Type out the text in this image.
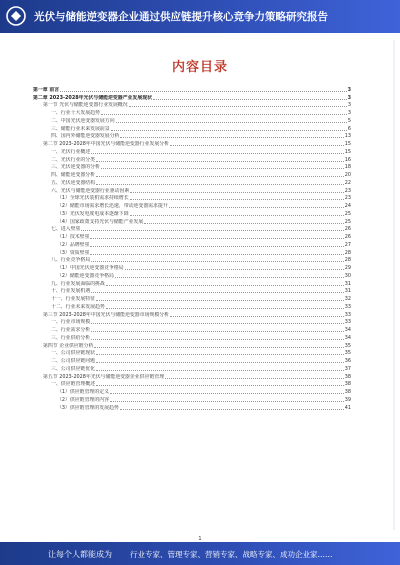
光伏与储能逆变器企业通过供应链提升核心竞争力策略研究报告
内容目录
第一章 前言	3
第二章 2023-2028年光伏与储能逆变器产业发展现状	3
第一节 光伏与储能逆变器行业发展概况	3
一、行业十大发展趋势	3
二、中国光伏逆变器发展方向	5
三、储能行业未来发展前景	6
四、国内外储能逆变器发展分析	13
第二节 2023-2028年中国光伏与储能逆变器行业发展分析	15
一、光伏行业概述	15
二、光伏行业的分类	16
三、光伏逆变器的分析	18
四、储能逆变器分析	20
五、光伏逆变器结构	22
六、光伏与储能逆变器行业驱动因素	23
（1）全球光伏装机需求持续增长	23
（2）储能市场需求增长迅速，带动逆变器需求提升	24
（3）光伏发电度电成本逐渐下降	25
（4）国家政策支持光伏与储能产业发展	25
七、进入壁垒	26
（1）技术壁垒	26
（2）品牌壁垒	27
（3）资质壁垒	28
八、行业竞争格局	28
（1）中国光伏逆变器竞争格局	29
（2）储能逆变器竞争格局	30
九、行业发展面临的挑战	31
十、行业发展机遇	31
十一、行业发展特征	32
十二、行业未来发展趋势	33
第三节 2023-2028年中国光伏与储能逆变器市场规模分析	33
一、行业市场规模	33
二、行业需求分析	34
三、行业供给分析	34
第四节 企业供应链分析	35
一、公司供应链现状	35
二、公司供应链问题	36
三、公司供应链优化	37
第五节 2023-2028年光伏与储能逆变器企业供应链管理	38
一、供应链管理概述	38
（1）供应链管理的定义	38
（2）供应链管理的内容	39
（3）供应链管理的发展趋势	41
1
让每个人都能成为 行业专家、管理专家、营销专家、战略专家、成功企业家……
